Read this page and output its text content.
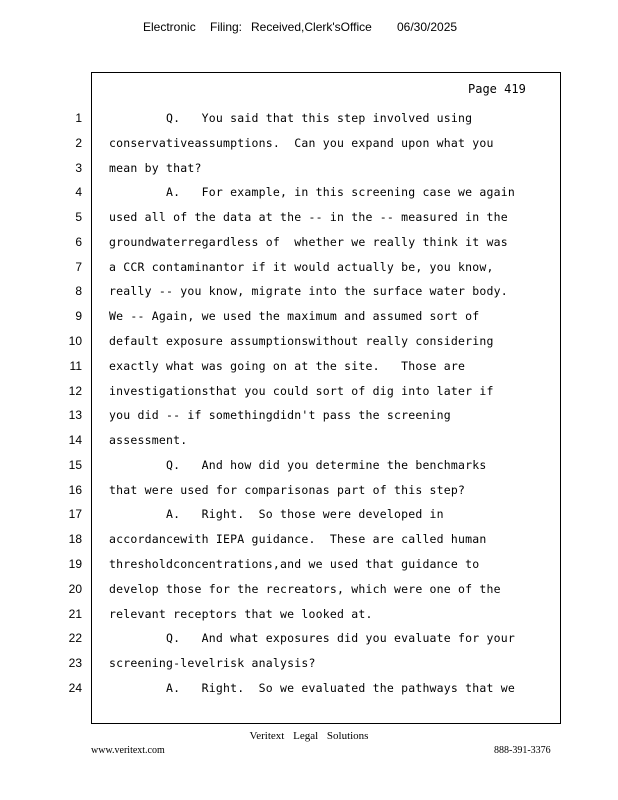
Electronic Filing: Received,Clerk'sOffice 06/30/2025
Page 419
1 Q.   You said that this step involved using
2 conservativeassumptions.  Can you expand upon what you
3 mean by that?
4 A.   For example, in this screening case we again
5 used all of the data at the -- in the -- measured in the
6 groundwaterregardless of  whether we really think it was
7 a CCR contaminantor if it would actually be, you know,
8 really -- you know, migrate into the surface water body.
9 We -- Again, we used the maximum and assumed sort of
10 default exposure assumptionswithout really considering
11 exactly what was going on at the site.   Those are
12 investigationsthat you could sort of dig into later if
13 you did -- if somethingdidn't pass the screening
14 assessment.
15 Q.   And how did you determine the benchmarks
16 that were used for comparisonas part of this step?
17 A.   Right.  So those were developed in
18 accordancewith IEPA guidance.  These are called human
19 thresholdconcentrations,and we used that guidance to
20 develop those for the recreators, which were one of the
21 relevant receptors that we looked at.
22 Q.   And what exposures did you evaluate for your
23 screening-levelrisk analysis?
24 A.   Right.  So we evaluated the pathways that we
Veritext Legal Solutions
www.veritext.com	888-391-3376
